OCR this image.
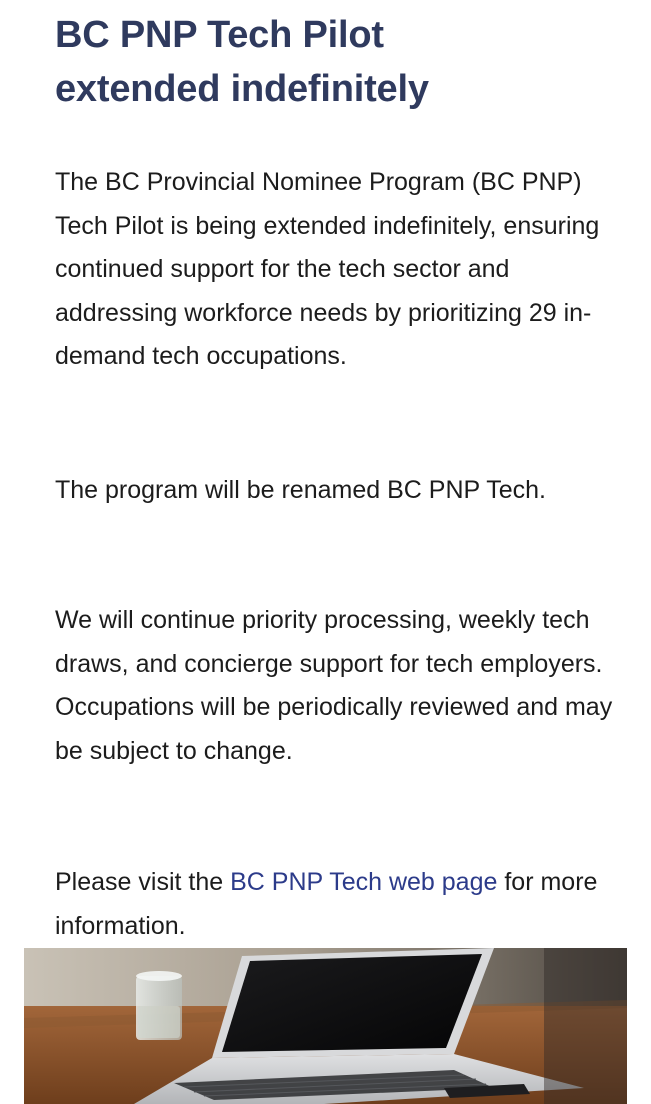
BC PNP Tech Pilot
extended indefinitely

The BC Provincial Nominee Program (BC PNP) Tech Pilot is being extended indefinitely, ensuring continued support for the tech sector and addressing workforce needs by prioritizing 29 in-demand tech occupations.

The program will be renamed BC PNP Tech.

We will continue priority processing, weekly tech draws, and concierge support for tech employers. Occupations will be periodically reviewed and may be subject to change.

Please visit the BC PNP Tech web page for more information.
